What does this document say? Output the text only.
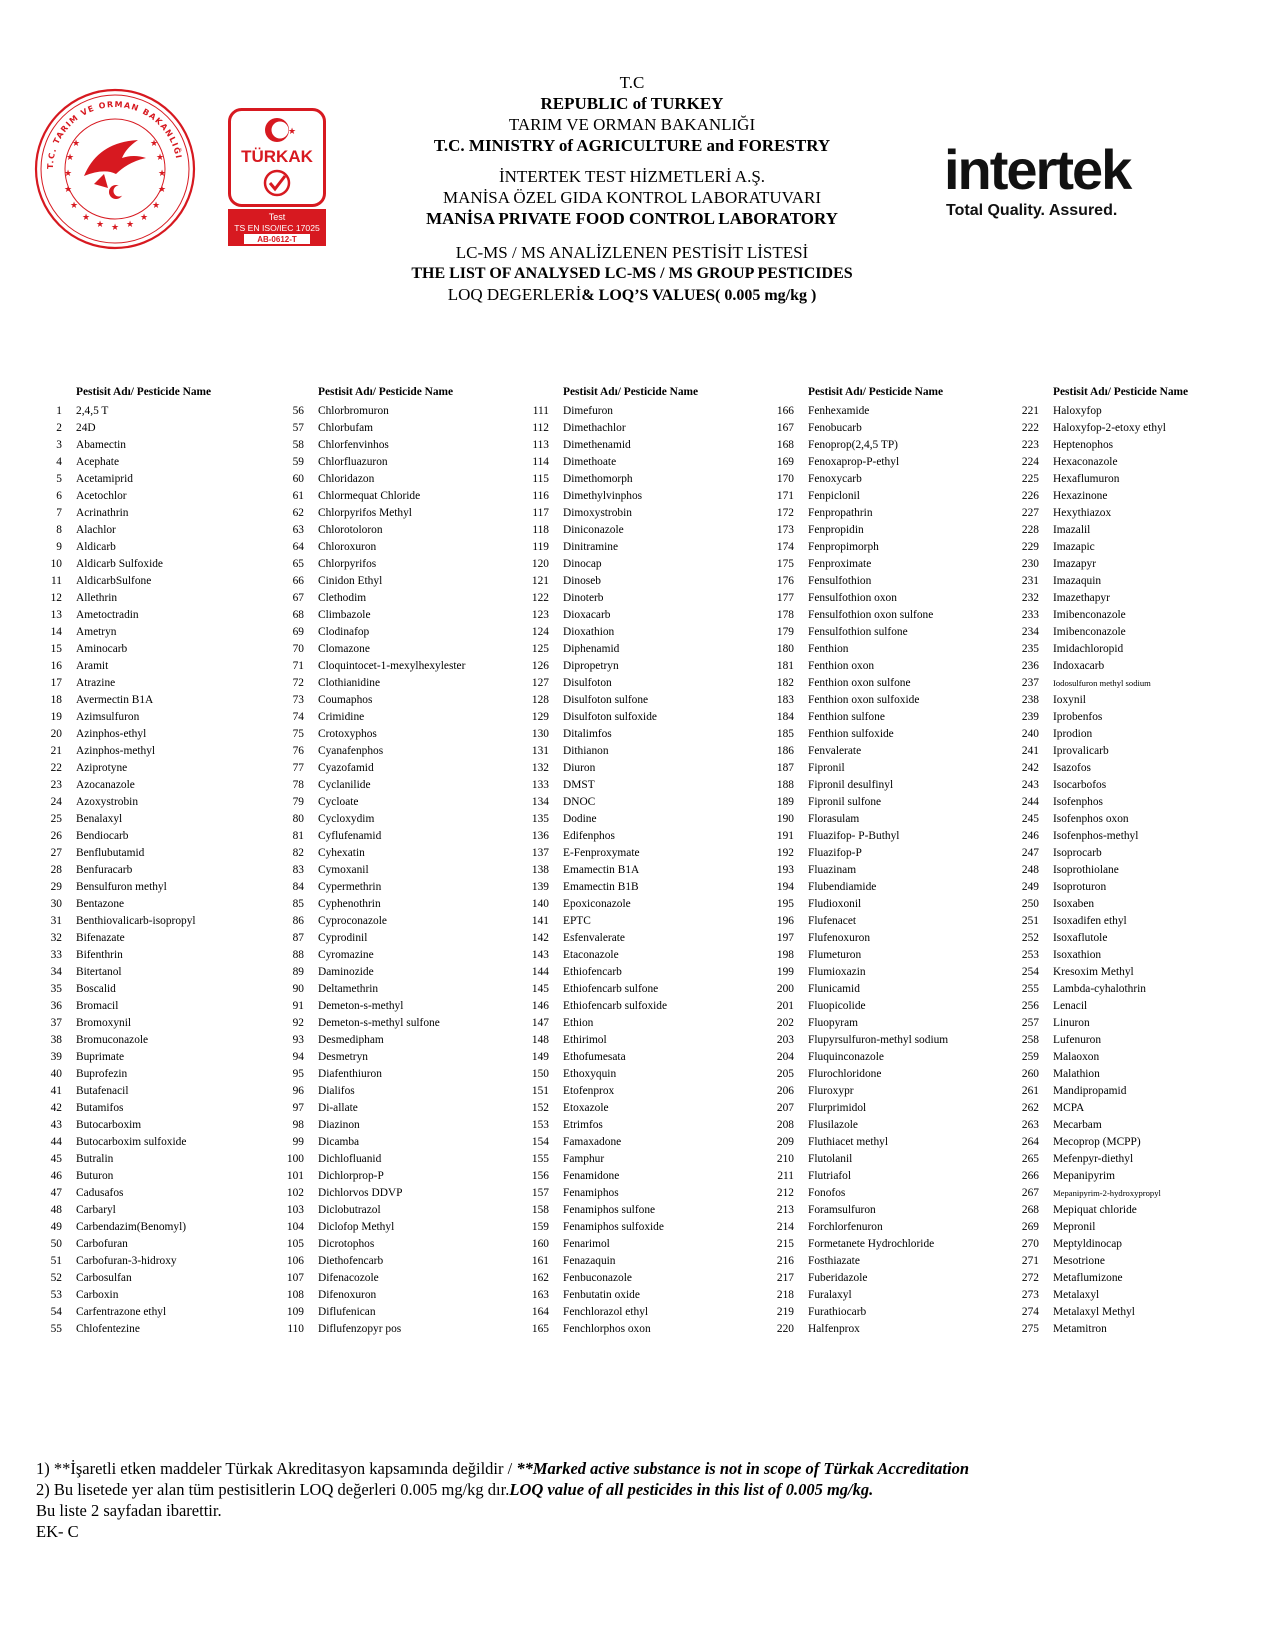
T.C. TARIM VE ORMAN BAKANLIĞI
★
★
★ ★ ★
★
★
★
★
★
★
★
★
★
★
★
TÜRKAK
Test
TS EN ISO/IEC 17025
AB-0612-T
intertek
Total Quality. Assured.
T.C
REPUBLIC of TURKEY
TARIM VE ORMAN BAKANLIĞI
T.C. MINISTRY of AGRICULTURE and FORESTRY
İNTERTEK TEST HİZMETLERİ A.Ş.
MANİSA ÖZEL GIDA KONTROL LABORATUVARI
MANİSA PRIVATE FOOD CONTROL LABORATORY
LC-MS / MS ANALİZLENEN PESTİSİT LİSTESİ
THE LIST OF ANALYSED LC-MS / MS GROUP PESTICIDES
LOQ DEGERLERİ& LOQ’S VALUES( 0.005 mg/kg )
Pestisit Adı/ Pesticide Name
1 2,4,5 T
2 24D
3 Abamectin
4 Acephate
5 Acetamiprid
6 Acetochlor
7 Acrinathrin
8 Alachlor
9 Aldicarb
10 Aldicarb Sulfoxide
11 AldicarbSulfone
12 Allethrin
13 Ametoctradin
14 Ametryn
15 Aminocarb
16 Aramit
17 Atrazine
18 Avermectin B1A
19 Azimsulfuron
20 Azinphos-ethyl
21 Azinphos-methyl
22 Aziprotyne
23 Azocanazole
24 Azoxystrobin
25 Benalaxyl
26 Bendiocarb
27 Benflubutamid
28 Benfuracarb
29 Bensulfuron methyl
30 Bentazone
31 Benthiovalicarb-isopropyl
32 Bifenazate
33 Bifenthrin
34 Bitertanol
35 Boscalid
36 Bromacil
37 Bromoxynil
38 Bromuconazole
39 Buprimate
40 Buprofezin
41 Butafenacil
42 Butamifos
43 Butocarboxim
44 Butocarboxim sulfoxide
45 Butralin
46 Buturon
47 Cadusafos
48 Carbaryl
49 Carbendazim(Benomyl)
50 Carbofuran
51 Carbofuran-3-hidroxy
52 Carbosulfan
53 Carboxin
54 Carfentrazone ethyl
55 Chlofentezine
Pestisit Adı/ Pesticide Name
56 Chlorbromuron
57 Chlorbufam
58 Chlorfenvinhos
59 Chlorfluazuron
60 Chloridazon
61 Chlormequat Chloride
62 Chlorpyrifos Methyl
63 Chlorotoloron
64 Chloroxuron
65 Chlorpyrifos
66 Cinidon Ethyl
67 Clethodim
68 Climbazole
69 Clodinafop
70 Clomazone
71 Cloquintocet-1-mexylhexylester
72 Clothianidine
73 Coumaphos
74 Crimidine
75 Crotoxyphos
76 Cyanafenphos
77 Cyazofamid
78 Cyclanilide
79 Cycloate
80 Cycloxydim
81 Cyflufenamid
82 Cyhexatin
83 Cymoxanil
84 Cypermethrin
85 Cyphenothrin
86 Cyproconazole
87 Cyprodinil
88 Cyromazine
89 Daminozide
90 Deltamethrin
91 Demeton-s-methyl
92 Demeton-s-methyl sulfone
93 Desmedipham
94 Desmetryn
95 Diafenthiuron
96 Dialifos
97 Di-allate
98 Diazinon
99 Dicamba
100 Dichlofluanid
101 Dichlorprop-P
102 Dichlorvos DDVP
103 Diclobutrazol
104 Diclofop Methyl
105 Dicrotophos
106 Diethofencarb
107 Difenacozole
108 Difenoxuron
109 Diflufenican
110 Diflufenzopyr pos
Pestisit Adı/ Pesticide Name
111 Dimefuron
112 Dimethachlor
113 Dimethenamid
114 Dimethoate
115 Dimethomorph
116 Dimethylvinphos
117 Dimoxystrobin
118 Diniconazole
119 Dinitramine
120 Dinocap
121 Dinoseb
122 Dinoterb
123 Dioxacarb
124 Dioxathion
125 Diphenamid
126 Dipropetryn
127 Disulfoton
128 Disulfoton sulfone
129 Disulfoton sulfoxide
130 Ditalimfos
131 Dithianon
132 Diuron
133 DMST
134 DNOC
135 Dodine
136 Edifenphos
137 E-Fenproxymate
138 Emamectin B1A
139 Emamectin B1B
140 Epoxiconazole
141 EPTC
142 Esfenvalerate
143 Etaconazole
144 Ethiofencarb
145 Ethiofencarb sulfone
146 Ethiofencarb sulfoxide
147 Ethion
148 Ethirimol
149 Ethofumesata
150 Ethoxyquin
151 Etofenprox
152 Etoxazole
153 Etrimfos
154 Famaxadone
155 Famphur
156 Fenamidone
157 Fenamiphos
158 Fenamiphos sulfone
159 Fenamiphos sulfoxide
160 Fenarimol
161 Fenazaquin
162 Fenbuconazole
163 Fenbutatin oxide
164 Fenchlorazol ethyl
165 Fenchlorphos oxon
Pestisit Adı/ Pesticide Name
166 Fenhexamide
167 Fenobucarb
168 Fenoprop(2,4,5 TP)
169 Fenoxaprop-P-ethyl
170 Fenoxycarb
171 Fenpiclonil
172 Fenpropathrin
173 Fenpropidin
174 Fenpropimorph
175 Fenproximate
176 Fensulfothion
177 Fensulfothion oxon
178 Fensulfothion oxon sulfone
179 Fensulfothion sulfone
180 Fenthion
181 Fenthion oxon
182 Fenthion oxon sulfone
183 Fenthion oxon sulfoxide
184 Fenthion sulfone
185 Fenthion sulfoxide
186 Fenvalerate
187 Fipronil
188 Fipronil desulfinyl
189 Fipronil sulfone
190 Florasulam
191 Fluazifop- P-Buthyl
192 Fluazifop-P
193 Fluazinam
194 Flubendiamide
195 Fludioxonil
196 Flufenacet
197 Flufenoxuron
198 Flumeturon
199 Flumioxazin
200 Flunicamid
201 Fluopicolide
202 Fluopyram
203 Flupyrsulfuron-methyl sodium
204 Fluquinconazole
205 Flurochloridone
206 Fluroxypr
207 Flurprimidol
208 Flusilazole
209 Fluthiacet methyl
210 Flutolanil
211 Flutriafol
212 Fonofos
213 Foramsulfuron
214 Forchlorfenuron
215 Formetanete Hydrochloride
216 Fosthiazate
217 Fuberidazole
218 Furalaxyl
219 Furathiocarb
220 Halfenprox
Pestisit Adı/ Pesticide Name
221 Haloxyfop
222 Haloxyfop-2-etoxy ethyl
223 Heptenophos
224 Hexaconazole
225 Hexaflumuron
226 Hexazinone
227 Hexythiazox
228 Imazalil
229 Imazapic
230 Imazapyr
231 Imazaquin
232 Imazethapyr
233 Imibenconazole
234 Imibenconazole
235 Imidachloropid
236 Indoxacarb
237 Iodosulfuron methyl sodium
238 Ioxynil
239 Iprobenfos
240 Iprodion
241 Iprovalicarb
242 Isazofos
243 Isocarbofos
244 Isofenphos
245 Isofenphos oxon
246 Isofenphos-methyl
247 Isoprocarb
248 Isoprothiolane
249 Isoproturon
250 Isoxaben
251 Isoxadifen ethyl
252 Isoxaflutole
253 Isoxathion
254 Kresoxim Methyl
255 Lambda-cyhalothrin
256 Lenacil
257 Linuron
258 Lufenuron
259 Malaoxon
260 Malathion
261 Mandipropamid
262 MCPA
263 Mecarbam
264 Mecoprop (MCPP)
265 Mefenpyr-diethyl
266 Mepanipyrim
267 Mepanipyrim-2-hydroxypropyl
268 Mepiquat chloride
269 Mepronil
270 Meptyldinocap
271 Mesotrione
272 Metaflumizone
273 Metalaxyl
274 Metalaxyl Methyl
275 Metamitron
1) **İşaretli etken maddeler Türkak Akreditasyon kapsamında değildir / **Marked active substance is not in scope of Türkak Accreditation
2) Bu lisetede yer alan tüm pestisitlerin LOQ değerleri 0.005 mg/kg dır.LOQ value of all pesticides in this list of 0.005 mg/kg.
Bu liste 2 sayfadan ibarettir.
EK- C
